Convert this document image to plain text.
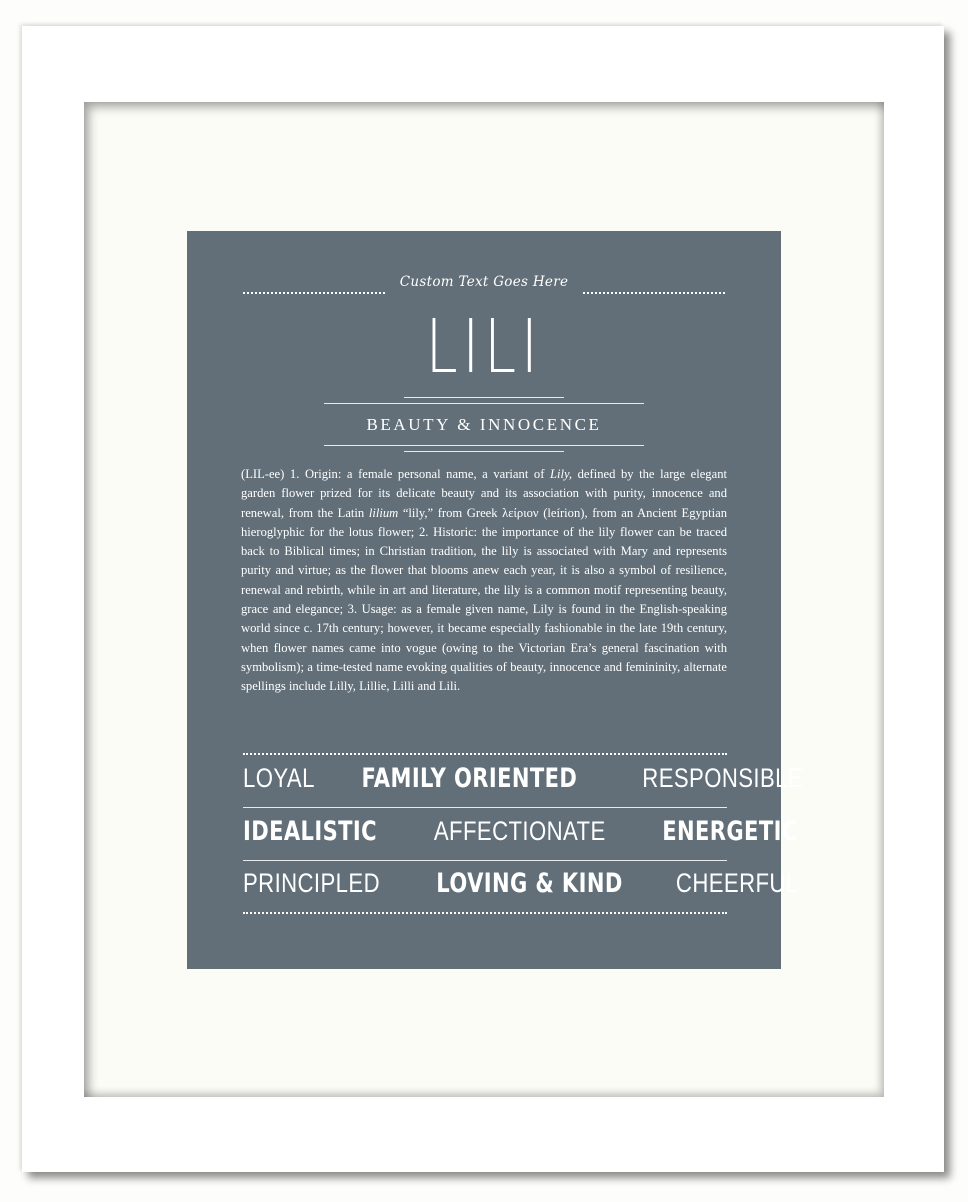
Custom Text Goes Here
LILI
BEAUTY & INNOCENCE
(LIL-ee) 1. Origin: a female personal name, a variant of Lily, defined by the large elegant garden flower prized for its delicate beauty and its association with purity, innocence and renewal, from the Latin lilium “lily,” from Greek λείριον (leírion), from an Ancient Egyptian hieroglyphic for the lotus flower; 2. Historic: the importance of the lily flower can be traced back to Biblical times; in Christian tradition, the lily is associated with Mary and represents purity and virtue; as the flower that blooms anew each year, it is also a symbol of resilience, renewal and rebirth, while in art and literature, the lily is a common motif representing beauty, grace and elegance; 3. Usage: as a female given name, Lily is found in the English-speaking world since c. 17th century; however, it became especially fashionable in the late 19th century, when flower names came into vogue (owing to the Victorian Era’s general fascination with symbolism); a time-tested name evoking qualities of beauty, innocence and femininity, alternate spellings include Lilly, Lillie, Lilli and Lili.
LOYAL FAMILY ORIENTED RESPONSIBLE
IDEALISTIC AFFECTIONATE ENERGETIC
PRINCIPLED LOVING & KIND CHEERFUL
